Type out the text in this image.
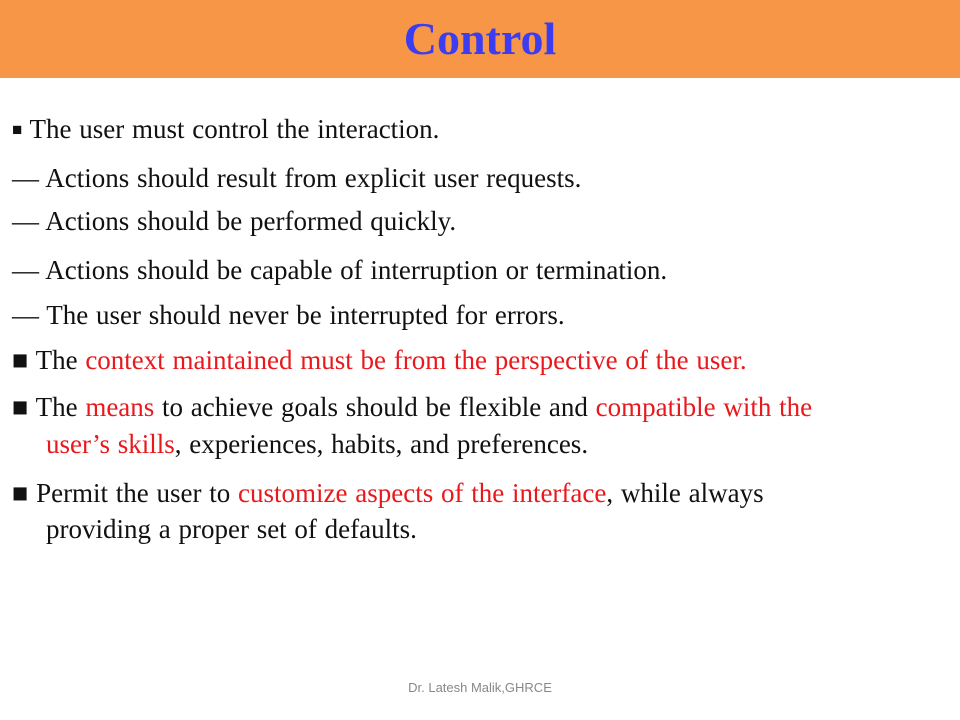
Control
■ The user must control the interaction.
— Actions should result from explicit user requests.
— Actions should be performed quickly.
— Actions should be capable of interruption or termination.
— The user should never be interrupted for errors.
■ The context maintained must be from the perspective of the user.
■ The means to achieve goals should be flexible and compatible with the
user’s skills, experiences, habits, and preferences.
■ Permit the user to customize aspects of the interface, while always
providing a proper set of defaults.
Dr. Latesh Malik,GHRCE
